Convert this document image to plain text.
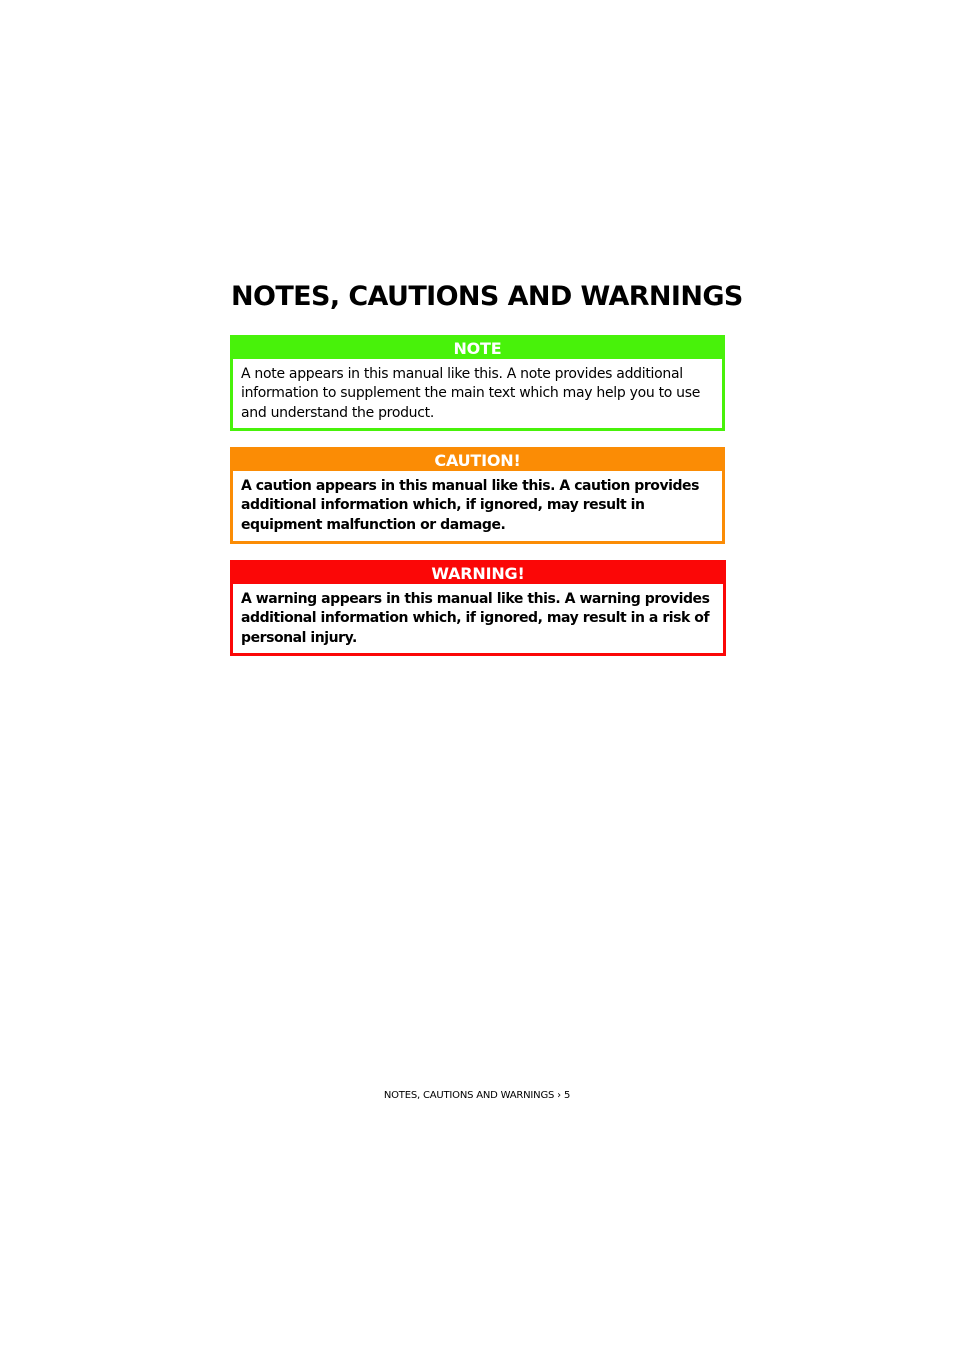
NOTES, CAUTIONS AND WARNINGS
NOTE
A note appears in this manual like this. A note provides additional information to supplement the main text which may help you to use and understand the product.
CAUTION!
A caution appears in this manual like this. A caution provides additional information which, if ignored, may result in equipment malfunction or damage.
WARNING!
A warning appears in this manual like this. A warning provides additional information which, if ignored, may result in a risk of personal injury.
NOTES, CAUTIONS AND WARNINGS › 5
